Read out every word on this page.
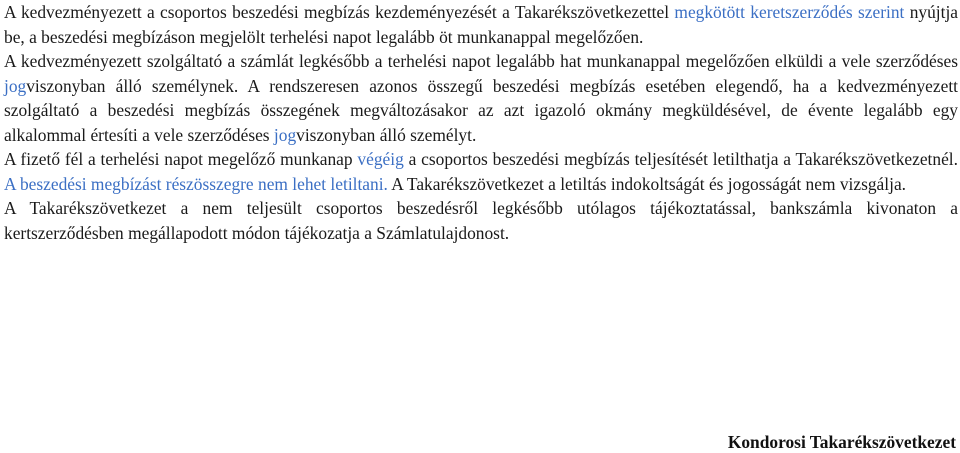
A kedvezményezett a csoportos beszedési megbízás kezdeményezését a Takarékszövetkezettel megkötött keretszerződés szerint nyújtja be, a beszedési megbízáson megjelölt terhelési napot legalább öt munkanappal megelőzően.

A kedvezményezett szolgáltató a számlát legkésőbb a terhelési napot legalább hat munkanappal megelőzően elküldi a vele szerződéses jogviszonyban álló személynek. A rendszeresen azonos összegű beszedési megbízás esetében elegendő, ha a kedvezményezett szolgáltató a beszedési megbízás összegének megváltozásakor az azt igazoló okmány megküldésével, de évente legalább egy alkalommal értesíti a vele szerződéses jogviszonyban álló személyt.

A fizető fél a terhelési napot megelőző munkanap végéig a csoportos beszedési megbízás teljesítését letilthatja a Takarékszövetkezetnél. A beszedési megbízást részösszegre nem lehet letiltani. A Takarékszövetkezet a letiltás indokoltságát és jogosságát nem vizsgálja.

A Takarékszövetkezet a nem teljesült csoportos beszedésről legkésőbb utólagos tájékoztatással, bankszámla kivonaton a kertszerződésben megállapodott módon tájékozatja a Számlatulajdonost.

Kondorosi Takarékszövetkezet
